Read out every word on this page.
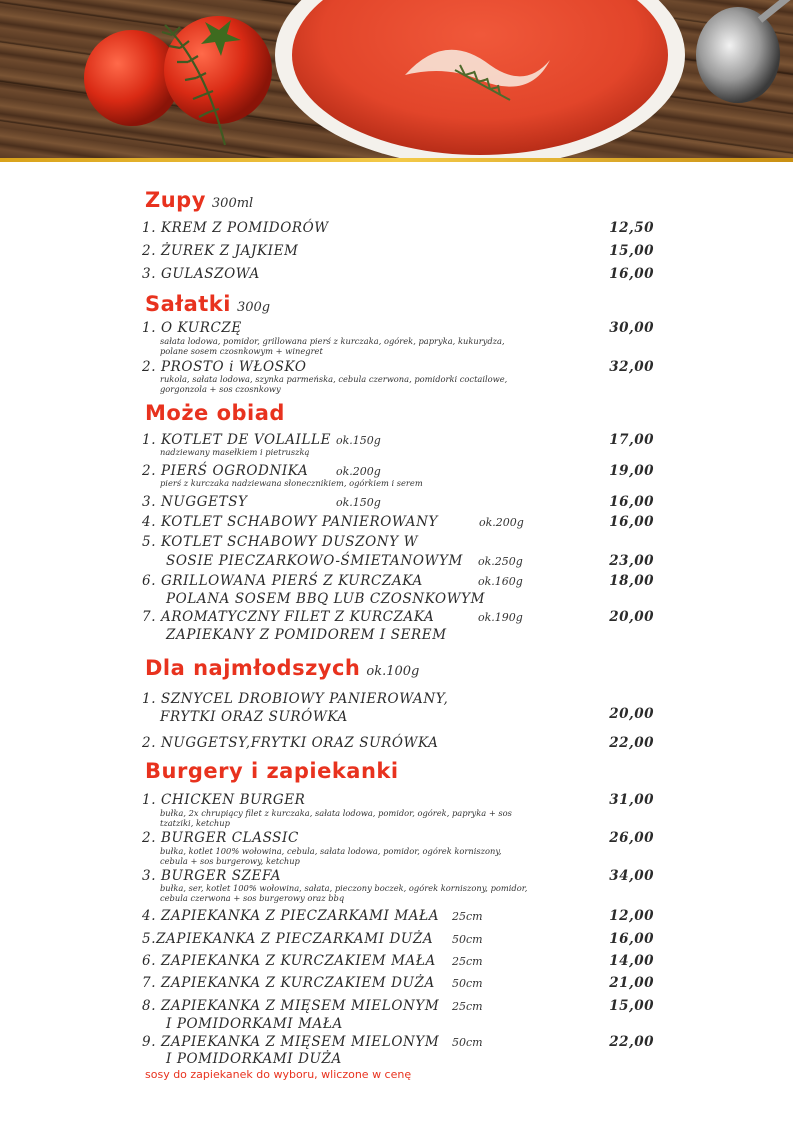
Zupy 300ml
1. KREM Z POMIDORÓW	12,50
2. ŻUREK Z JAJKIEM	15,00
3. GULASZOWA	16,00
Sałatki 300g
1. O KURCZĘ	30,00
sałata lodowa, pomidor, grillowana pierś z kurczaka, ogórek, papryka, kukurydza,
polane sosem czosnkowym + winegret
2. PROSTO i WŁOSKO	32,00
rukola, sałata lodowa, szynka parmeńska, cebula czerwona, pomidorki coctailowe,
gorgonzola + sos czosnkowy
Może obiad
1. KOTLET DE VOLAILLE ok.150g	17,00
nadziewany masełkiem i pietruszką
2. PIERŚ OGRODNIKA	ok.200g	19,00
pierś z kurczaka nadziewana słonecznikiem, ogórkiem i serem
3. NUGGETSY	ok.150g	16,00
4. KOTLET SCHABOWY PANIEROWANY	ok.200g	16,00
5. KOTLET SCHABOWY DUSZONY W
SOSIE PIECZARKOWO-ŚMIETANOWYM ok.250g	23,00
6. GRILLOWANA PIERŚ Z KURCZAKA	ok.160g	18,00
POLANA SOSEM BBQ LUB CZOSNKOWYM
7. AROMATYCZNY FILET Z KURCZAKA	ok.190g	20,00
ZAPIEKANY Z POMIDOREM I SEREM
Dla najmłodszych ok.100g
1. SZNYCEL DROBIOWY PANIEROWANY,
FRYTKI ORAZ SURÓWKA	20,00
2. NUGGETSY,FRYTKI ORAZ SURÓWKA	22,00
Burgery i zapiekanki
1. CHICKEN BURGER	31,00
bułka, 2x chrupiący filet z kurczaka, sałata lodowa, pomidor, ogórek, papryka + sos
tzatziki, ketchup
2. BURGER CLASSIC	26,00
bułka, kotlet 100% wołowina, cebula, sałata lodowa, pomidor, ogórek korniszony,
cebula + sos burgerowy, ketchup
3. BURGER SZEFA	34,00
bułka, ser, kotlet 100% wołowina, sałata, pieczony boczek, ogórek korniszony, pomidor,
cebula czerwona + sos burgerowy oraz bbq
4. ZAPIEKANKA Z PIECZARKAMI MAŁA 25cm	12,00
5.ZAPIEKANKA Z PIECZARKAMI DUŻA 50cm	16,00
6. ZAPIEKANKA Z KURCZAKIEM MAŁA 25cm	14,00
7. ZAPIEKANKA Z KURCZAKIEM DUŻA 50cm	21,00
8. ZAPIEKANKA Z MIĘSEM MIELONYM 25cm	15,00
I POMIDORKAMI MAŁA
9. ZAPIEKANKA Z MIĘSEM MIELONYM 50cm	22,00
I POMIDORKAMI DUŻA
sosy do zapiekanek do wyboru, wliczone w cenę
